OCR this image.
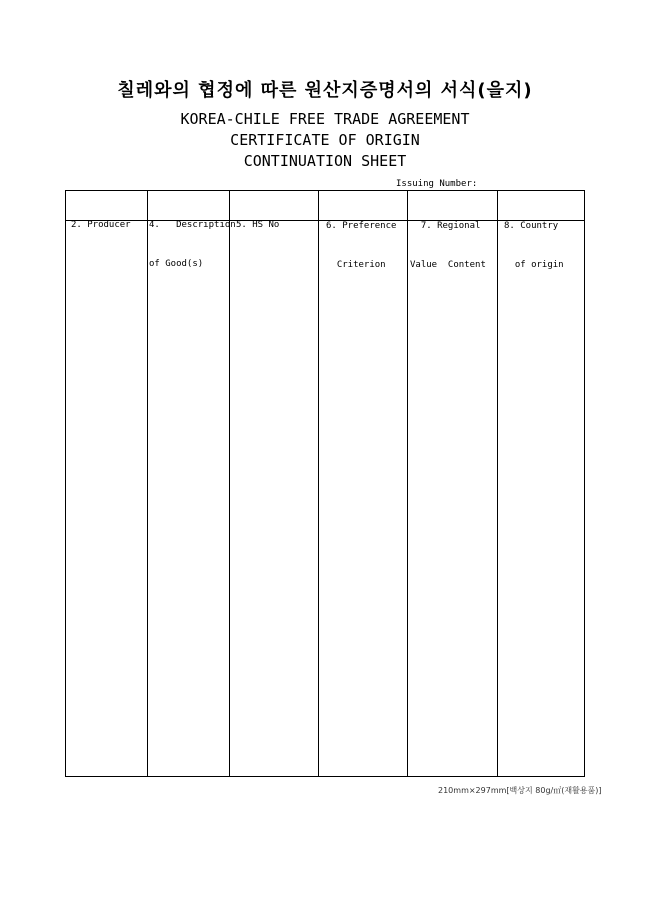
칠레와의 협정에 따른 원산지증명서의 서식(을지)
KOREA-CHILE FREE TRADE AGREEMENT
CERTIFICATE OF ORIGIN
CONTINUATION SHEET
Issuing Number:

2. Producer

4.   Description

of Good(s)

5. HS No

	6. Preference

Criterion

7. Regional

Value  Content

8. Country

of origin

210mm×297mm[백상지 80g/㎡(재활용품)]
